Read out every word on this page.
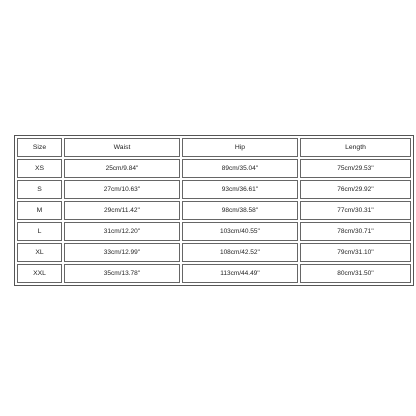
Size	Waist	Hip	Length
XS	25cm/9.84''	89cm/35.04''	75cm/29.53''
S	27cm/10.63''	93cm/36.61''	76cm/29.92''
M	29cm/11.42''	98cm/38.58''	77cm/30.31''
L	31cm/12.20''	103cm/40.55''	78cm/30.71''
XL	33cm/12.99''	108cm/42.52''	79cm/31.10''
XXL	35cm/13.78''	113cm/44.49''	80cm/31.50''
